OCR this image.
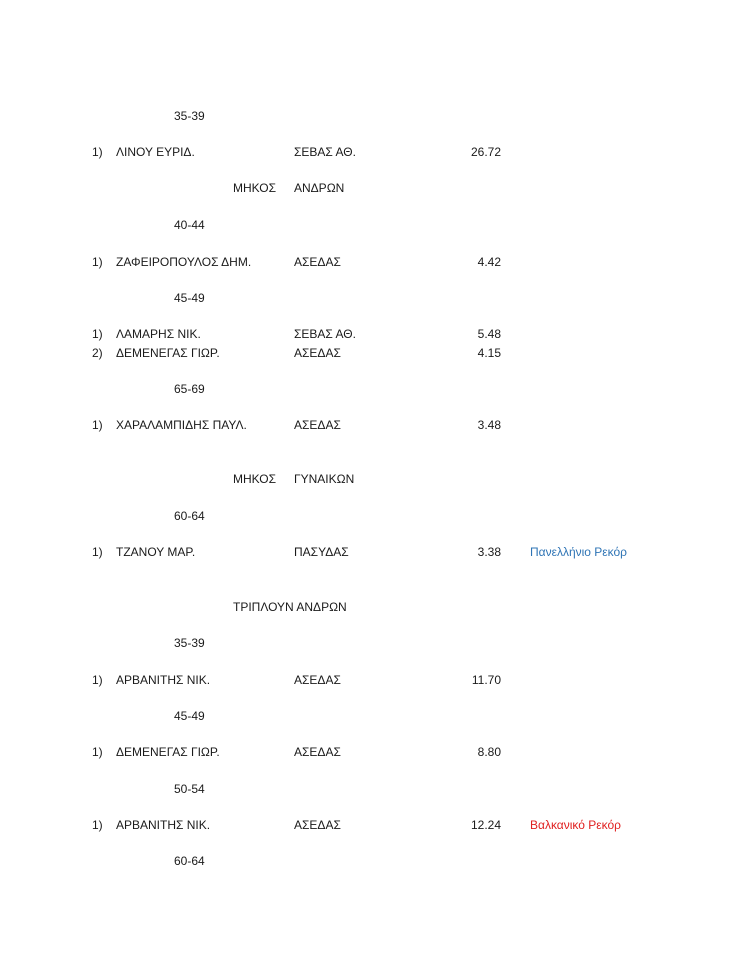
35-39
1) ΛΙΝΟΥ ΕΥΡΙΔ.	ΣΕΒΑΣ ΑΘ.	26.72
ΜΗΚΟΣ ΑΝΔΡΩΝ
40-44
1) ΖΑΦΕΙΡΟΠΟΥΛΟΣ ΔΗΜ.	ΑΣΕΔΑΣ	4.42
45-49
1) ΛΑΜΑΡΗΣ ΝΙΚ.	ΣΕΒΑΣ ΑΘ.	5.48
2) ΔΕΜΕΝΕΓΑΣ ΓΙΩΡ.	ΑΣΕΔΑΣ	4.15
65-69
1) ΧΑΡΑΛΑΜΠΙΔΗΣ ΠΑΥΛ.	ΑΣΕΔΑΣ	3.48
ΜΗΚΟΣ ΓΥΝΑΙΚΩΝ
60-64
1) ΤΖΑΝΟΥ ΜΑΡ.	ΠΑΣΥΔΑΣ	3.38 Πανελλήνιο Ρεκόρ
ΤΡΙΠΛΟΥΝ ΑΝΔΡΩΝ
35-39
1) ΑΡΒΑΝΙΤΗΣ ΝΙΚ.	ΑΣΕΔΑΣ	11.70
45-49
1) ΔΕΜΕΝΕΓΑΣ ΓΙΩΡ.	ΑΣΕΔΑΣ	8.80
50-54
1) ΑΡΒΑΝΙΤΗΣ ΝΙΚ.	ΑΣΕΔΑΣ	12.24 Βαλκανικό Ρεκόρ
60-64
